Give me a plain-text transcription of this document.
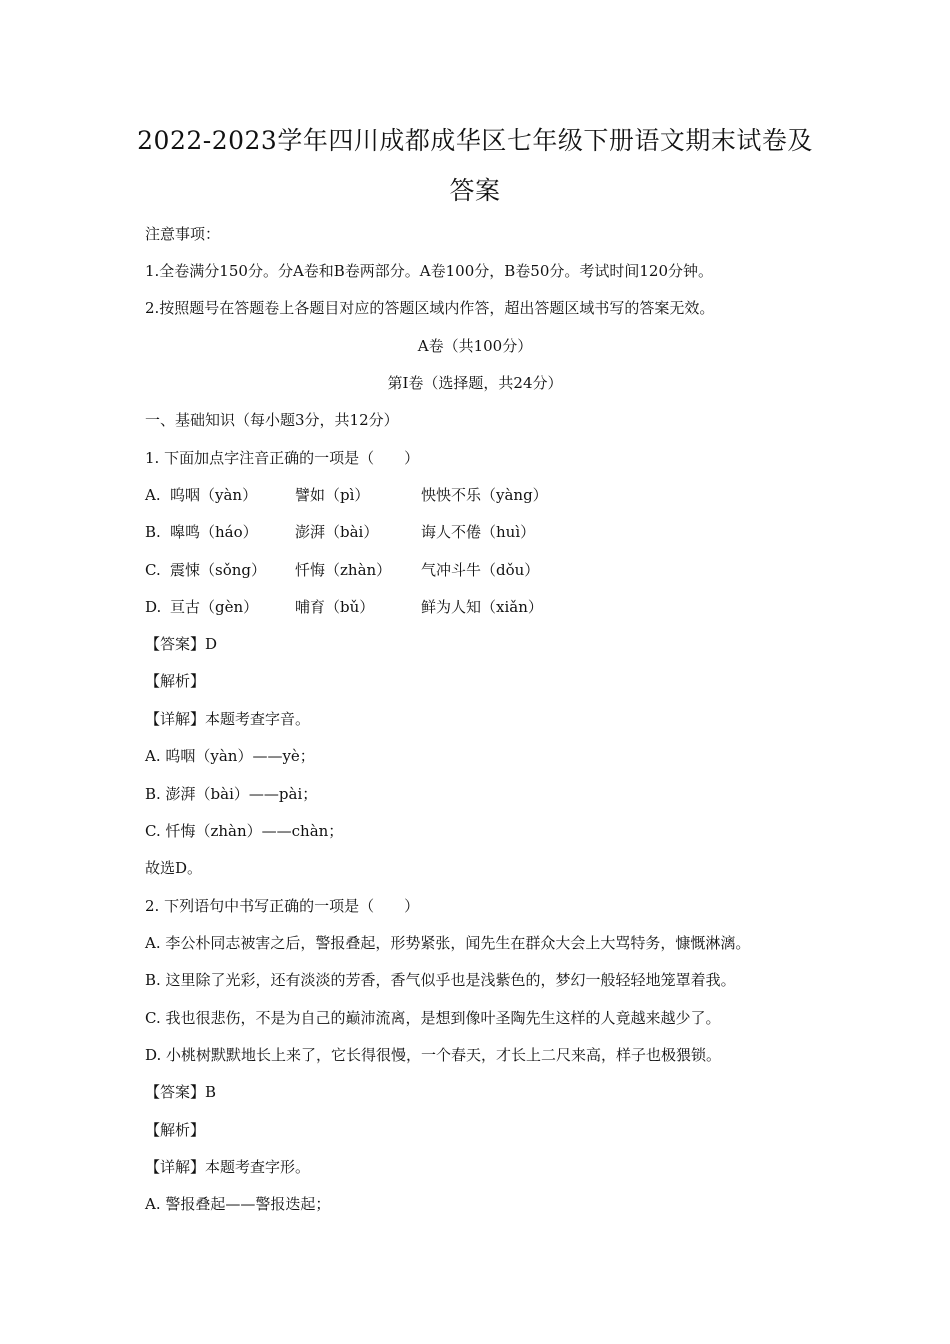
2022-2023学年四川成都成华区七年级下册语文期末试卷及
答案
注意事项：
1.全卷满分150分。分A卷和B卷两部分。A卷100分，B卷50分。考试时间120分钟。
2.按照题号在答题卷上各题目对应的答题区域内作答，超出答题区域书写的答案无效。
A卷（共100分）
第Ⅰ卷（选择题，共24分）
一、基础知识（每小题3分，共12分）
1. 下面加点字注音正确的一项是（　　）
A. 呜咽（yàn）	譬如（pì）	怏怏不乐（yàng）
B. 嗥鸣（háo） 澎湃（bài）	诲人不倦（huì）
C. 震悚（sǒng） 忏悔（zhàn） 气冲斗牛（dǒu）
D. 亘古（gèn） 哺育（bǔ）	鲜为人知（xiǎn）
【答案】D
【解析】
【详解】本题考查字音。
A. 呜咽（yàn）——yè；
B. 澎湃（bài）——pài；
C. 忏悔（zhàn）——chàn；
故选D。
2. 下列语句中书写正确的一项是（　　）
A. 李公朴同志被害之后，警报叠起，形势紧张，闻先生在群众大会上大骂特务，慷慨淋漓。
B. 这里除了光彩，还有淡淡的芳香，香气似乎也是浅紫色的，梦幻一般轻轻地笼罩着我。
C. 我也很悲伤，不是为自己的巅沛流离，是想到像叶圣陶先生这样的人竟越来越少了。
D. 小桃树默默地长上来了，它长得很慢，一个春天，才长上二尺来高，样子也极猥锁。
【答案】B
【解析】
【详解】本题考查字形。
A. 警报叠起——警报迭起；
